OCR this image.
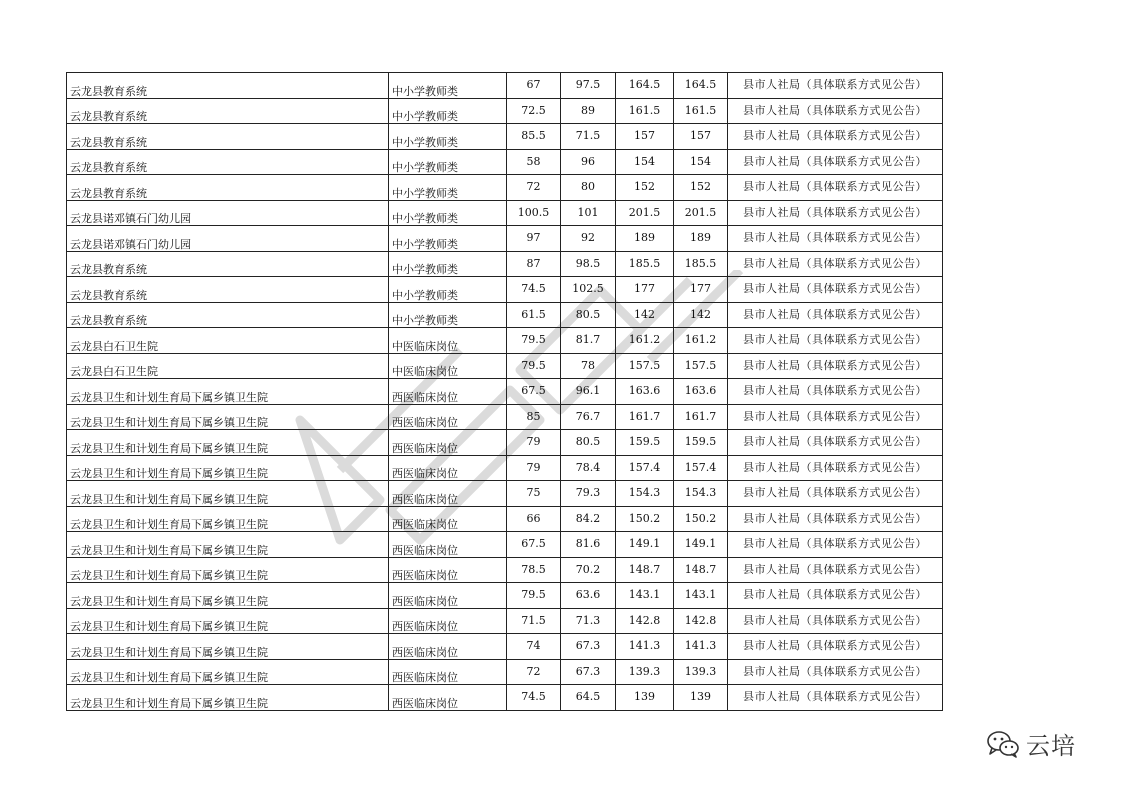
云龙县教育系统	中小学教师类	67	97.5	164.5	164.5	县市人社局（具体联系方式见公告）
云龙县教育系统	中小学教师类	72.5	89	161.5	161.5	县市人社局（具体联系方式见公告）
云龙县教育系统	中小学教师类	85.5	71.5	157	157	县市人社局（具体联系方式见公告）
云龙县教育系统	中小学教师类	58	96	154	154	县市人社局（具体联系方式见公告）
云龙县教育系统	中小学教师类	72	80	152	152	县市人社局（具体联系方式见公告）
云龙县诺邓镇石门幼儿园	中小学教师类	100.5	101	201.5	201.5	县市人社局（具体联系方式见公告）
云龙县诺邓镇石门幼儿园	中小学教师类	97	92	189	189	县市人社局（具体联系方式见公告）
云龙县教育系统	中小学教师类	87	98.5	185.5	185.5	县市人社局（具体联系方式见公告）
云龙县教育系统	中小学教师类	74.5	102.5	177	177	县市人社局（具体联系方式见公告）
云龙县教育系统	中小学教师类	61.5	80.5	142	142	县市人社局（具体联系方式见公告）
云龙县白石卫生院	中医临床岗位	79.5	81.7	161.2	161.2	县市人社局（具体联系方式见公告）
云龙县白石卫生院	中医临床岗位	79.5	78	157.5	157.5	县市人社局（具体联系方式见公告）
云龙县卫生和计划生育局下属乡镇卫生院	西医临床岗位	67.5	96.1	163.6	163.6	县市人社局（具体联系方式见公告）
云龙县卫生和计划生育局下属乡镇卫生院	西医临床岗位	85	76.7	161.7	161.7	县市人社局（具体联系方式见公告）
云龙县卫生和计划生育局下属乡镇卫生院	西医临床岗位	79	80.5	159.5	159.5	县市人社局（具体联系方式见公告）
云龙县卫生和计划生育局下属乡镇卫生院	西医临床岗位	79	78.4	157.4	157.4	县市人社局（具体联系方式见公告）
云龙县卫生和计划生育局下属乡镇卫生院	西医临床岗位	75	79.3	154.3	154.3	县市人社局（具体联系方式见公告）
云龙县卫生和计划生育局下属乡镇卫生院	西医临床岗位	66	84.2	150.2	150.2	县市人社局（具体联系方式见公告）
云龙县卫生和计划生育局下属乡镇卫生院	西医临床岗位	67.5	81.6	149.1	149.1	县市人社局（具体联系方式见公告）
云龙县卫生和计划生育局下属乡镇卫生院	西医临床岗位	78.5	70.2	148.7	148.7	县市人社局（具体联系方式见公告）
云龙县卫生和计划生育局下属乡镇卫生院	西医临床岗位	79.5	63.6	143.1	143.1	县市人社局（具体联系方式见公告）
云龙县卫生和计划生育局下属乡镇卫生院	西医临床岗位	71.5	71.3	142.8	142.8	县市人社局（具体联系方式见公告）
云龙县卫生和计划生育局下属乡镇卫生院	西医临床岗位	74	67.3	141.3	141.3	县市人社局（具体联系方式见公告）
云龙县卫生和计划生育局下属乡镇卫生院	西医临床岗位	72	67.3	139.3	139.3	县市人社局（具体联系方式见公告）
云龙县卫生和计划生育局下属乡镇卫生院	西医临床岗位	74.5	64.5	139	139	县市人社局（具体联系方式见公告）
云培
